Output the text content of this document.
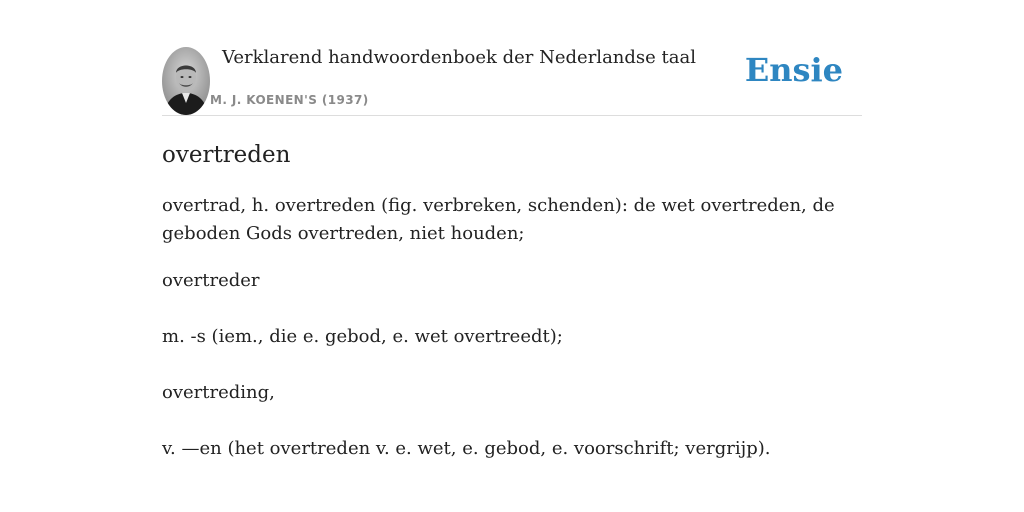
Verklarend handwoordenboek der Nederlandse taal
M. J. KOENEN'S (1937)
Ensie
overtreden

overtrad, h. overtreden (fig. verbreken, schenden): de wet overtreden, de geboden Gods overtreden, niet houden;

overtreder

m. -s (iem., die e. gebod, e. wet overtreedt);

overtreding,

v. —en (het overtreden v. e. wet, e. gebod, e. voorschrift; vergrijp).
